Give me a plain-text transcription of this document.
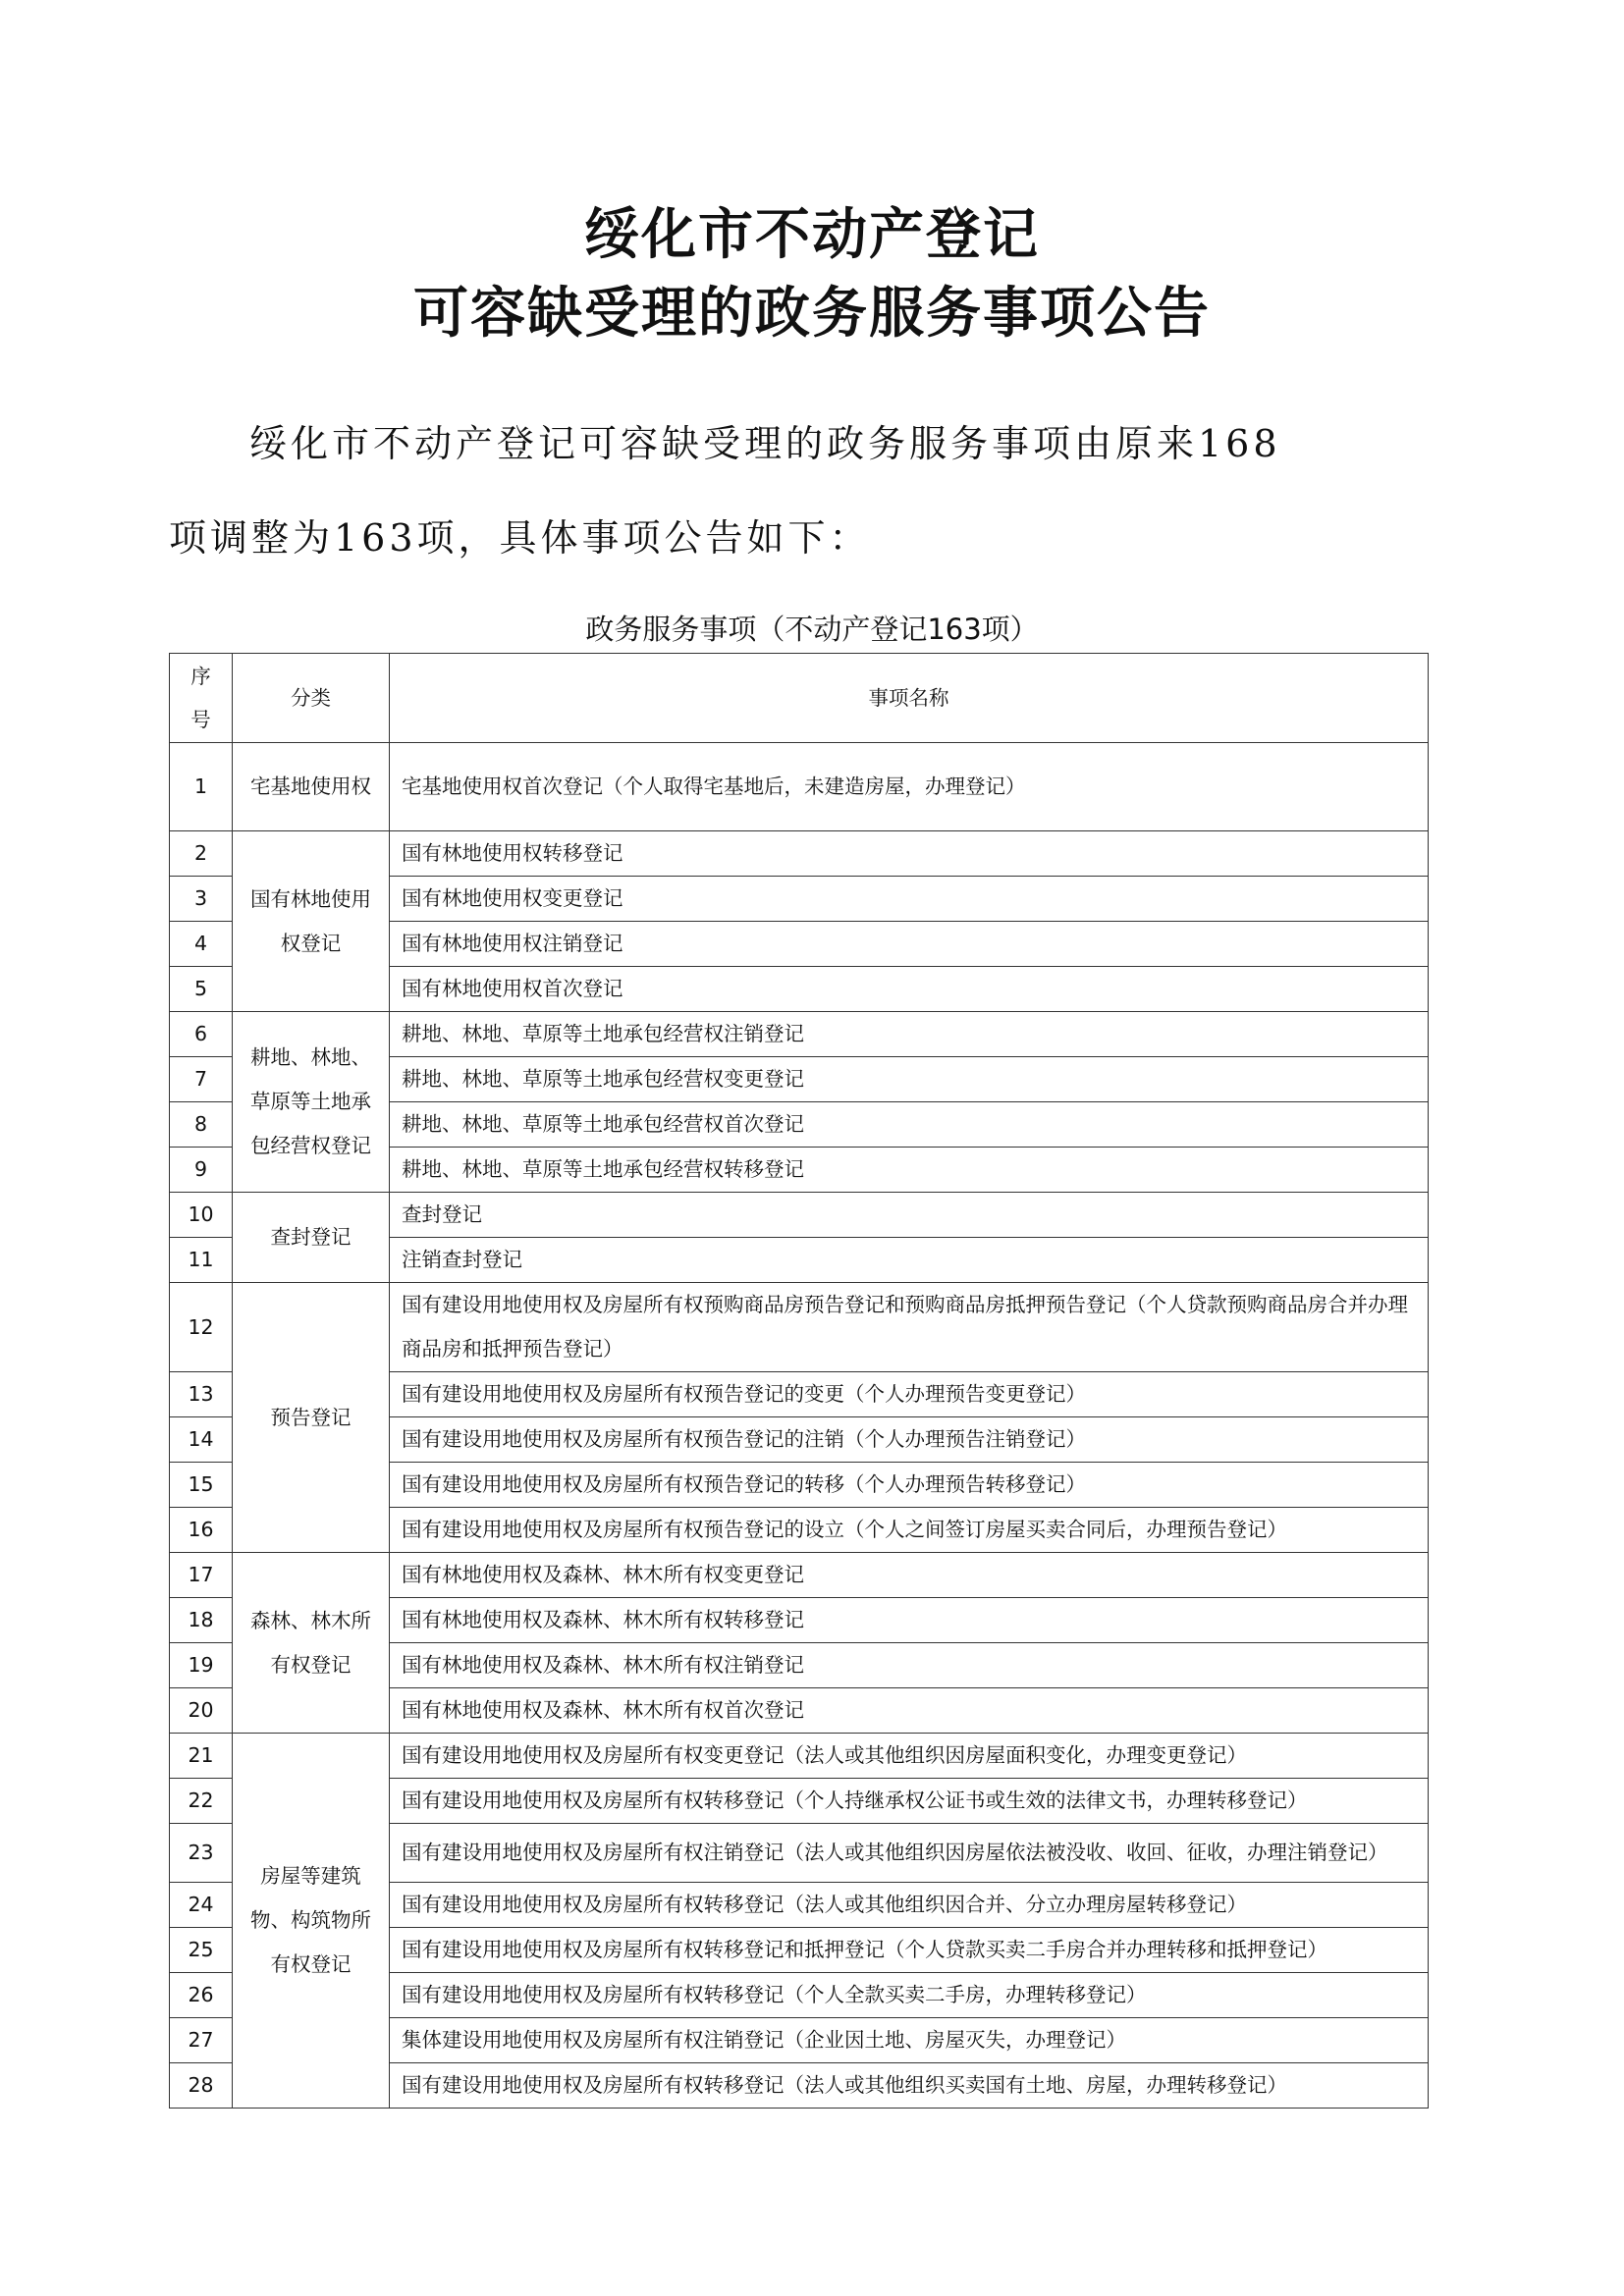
绥化市不动产登记
可容缺受理的政务服务事项公告

绥化市不动产登记可容缺受理的政务服务事项由原来168

项调整为163项，具体事项公告如下：

政务服务事项（不动产登记163项）
序号	分类	事项名称
1	宅基地使用权	宅基地使用权首次登记（个人取得宅基地后，未建造房屋，办理登记）
2	国有林地使用权登记	国有林地使用权转移登记
3		国有林地使用权变更登记
4		国有林地使用权注销登记
5		国有林地使用权首次登记
6	耕地、林地、草原等土地承包经营权登记	耕地、林地、草原等土地承包经营权注销登记
7		耕地、林地、草原等土地承包经营权变更登记
8		耕地、林地、草原等土地承包经营权首次登记
9		耕地、林地、草原等土地承包经营权转移登记
10	查封登记	查封登记
11		注销查封登记
12	预告登记	国有建设用地使用权及房屋所有权预购商品房预告登记和预购商品房抵押预告登记（个人贷款预购商品房合并办理商品房和抵押预告登记）
13		国有建设用地使用权及房屋所有权预告登记的变更（个人办理预告变更登记）
14		国有建设用地使用权及房屋所有权预告登记的注销（个人办理预告注销登记）
15		国有建设用地使用权及房屋所有权预告登记的转移（个人办理预告转移登记）
16		国有建设用地使用权及房屋所有权预告登记的设立（个人之间签订房屋买卖合同后，办理预告登记）
17	森林、林木所有权登记	国有林地使用权及森林、林木所有权变更登记
18		国有林地使用权及森林、林木所有权转移登记
19		国有林地使用权及森林、林木所有权注销登记
20		国有林地使用权及森林、林木所有权首次登记
21	房屋等建筑物、构筑物所有权登记	国有建设用地使用权及房屋所有权变更登记（法人或其他组织因房屋面积变化，办理变更登记）
22		国有建设用地使用权及房屋所有权转移登记（个人持继承权公证书或生效的法律文书，办理转移登记）
23		国有建设用地使用权及房屋所有权注销登记（法人或其他组织因房屋依法被没收、收回、征收，办理注销登记）
24		国有建设用地使用权及房屋所有权转移登记（法人或其他组织因合并、分立办理房屋转移登记）
25		国有建设用地使用权及房屋所有权转移登记和抵押登记（个人贷款买卖二手房合并办理转移和抵押登记）
26		国有建设用地使用权及房屋所有权转移登记（个人全款买卖二手房，办理转移登记）
27		集体建设用地使用权及房屋所有权注销登记（企业因土地、房屋灭失，办理登记）
28		国有建设用地使用权及房屋所有权转移登记（法人或其他组织买卖国有土地、房屋，办理转移登记）
